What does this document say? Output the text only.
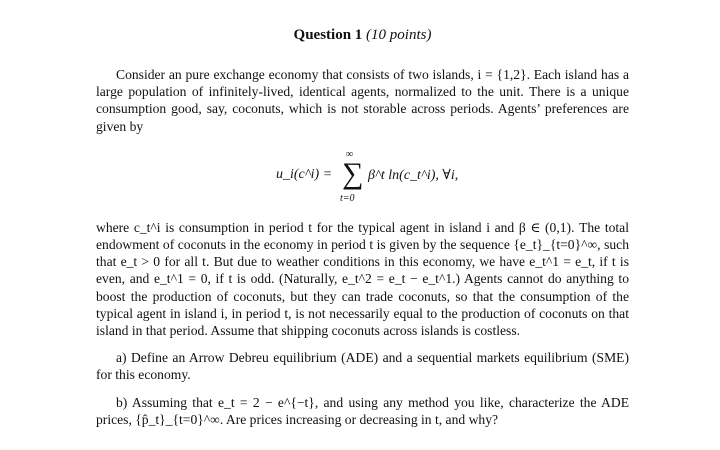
Question 1 (10 points)

Consider an pure exchange economy that consists of two islands, i = {1,2}. Each island has a large population of infinitely-lived, identical agents, normalized to the unit. There is a unique consumption good, say, coconuts, which is not storable across periods. Agents’ preferences are given by

u_i(c^i) =
∞
∑
t=0
β^t ln(c_t^i), ∀i,

where c_t^i is consumption in period t for the typical agent in island i and β ∈ (0,1). The total endowment of coconuts in the economy in period t is given by the sequence {e_t}_{t=0}^∞, such that e_t > 0 for all t. But due to weather conditions in this economy, we have e_t^1 = e_t, if t is even, and e_t^1 = 0, if t is odd. (Naturally, e_t^2 = e_t − e_t^1.) Agents cannot do anything to boost the production of coconuts, but they can trade coconuts, so that the consumption of the typical agent in island i, in period t, is not necessarily equal to the production of coconuts on that island in that period. Assume that shipping coconuts across islands is costless.

a) Define an Arrow Debreu equilibrium (ADE) and a sequential markets equilibrium (SME) for this economy.

b) Assuming that e_t = 2 − e^{−t}, and using any method you like, characterize the ADE prices, {p̂_t}_{t=0}^∞. Are prices increasing or decreasing in t, and why?
